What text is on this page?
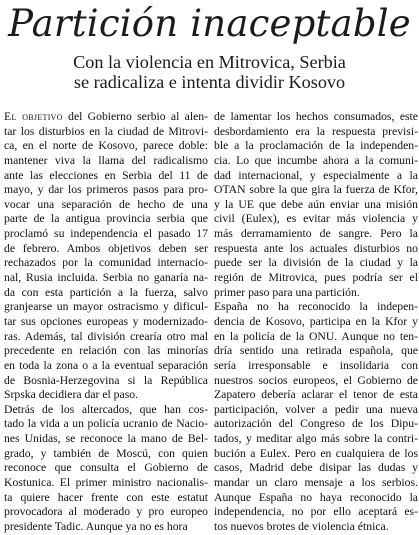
Partición inaceptable
Con la violencia en Mitrovica, Serbia
se radicaliza e intenta dividir Kosovo
El objetivo del Gobierno serbio al alen-
tar los disturbios en la ciudad de Mitrovi-
ca, en el norte de Kosovo, parece doble:
mantener viva la llama del radicalismo
ante las elecciones en Serbia del 11 de
mayo, y dar los primeros pasos para pro-
vocar una separación de hecho de una
parte de la antigua provincia serbia que
proclamó su independencia el pasado 17
de febrero. Ambos objetivos deben ser
rechazados por la comunidad internacio-
nal, Rusia incluida. Serbia no ganaría na-
da con esta partición a la fuerza, salvo
granjearse un mayor ostracismo y dificul-
tar sus opciones europeas y modernizado-
ras. Además, tal división crearía otro mal
precedente en relación con las minorías
en toda la zona o a la eventual separación
de Bosnia-Herzegovina si la República
Srpska decidiera dar el paso.
Detrás de los altercados, que han cos-
tado la vida a un policía ucranio de Nacio-
nes Unidas, se reconoce la mano de Bel-
grado, y también de Moscú, con quien
reconoce que consulta el Gobierno de
Kostunica. El primer ministro nacionalis-
ta quiere hacer frente con este estatut
provocadora al moderado y pro europeo
presidente Tadic. Aunque ya no es hora
de lamentar los hechos consumados, este
desbordamiento era la respuesta previsi-
ble a la proclamación de la independen-
cia. Lo que incumbe ahora a la comuni-
dad internacional, y especialmente a la
OTAN sobre la que gira la fuerza de Kfor,
y la UE que debe aún enviar una misión
civil (Eulex), es evitar más violencia y
más derramamiento de sangre. Pero la
respuesta ante los actuales disturbios no
puede ser la división de la ciudad y la
región de Mitrovica, pues podría ser el
primer paso para una partición.
España no ha reconocido la indepen-
dencia de Kosovo, participa en la Kfor y
en la policía de la ONU. Aunque no ten-
dría sentido una retirada española, que
sería irresponsable e insolidaria con
nuestros socios europeos, el Gobierno de
Zapatero debería aclarar el tenor de esta
participación, volver a pedir una nueva
autorización del Congreso de los Dipu-
tados, y meditar algo más sobre la contri-
bución a Eulex. Pero en cualquiera de los
casos, Madrid debe disipar las dudas y
mandar un claro mensaje a los serbios.
Aunque España no haya reconocido la
independencia, no por ello aceptará es-
tos nuevos brotes de violencia étnica.
